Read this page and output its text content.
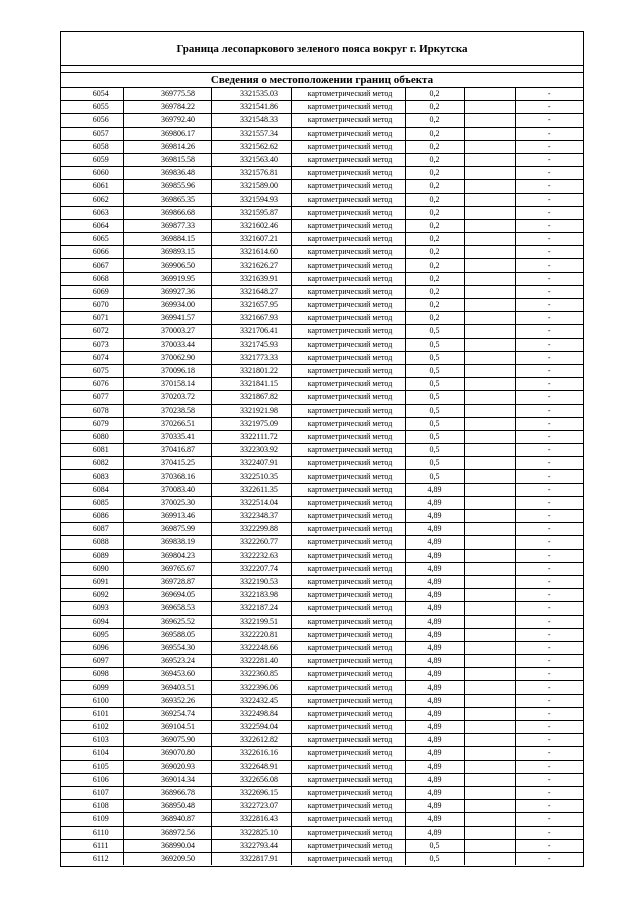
Граница лесопаркового зеленого пояса вокруг г. Иркутска
Сведения о местоположении границ объекта
6054	369775.58	3321535.03	картометрический метод	0,2		-
6055	369784.22	3321541.86	картометрический метод	0,2		-
6056	369792.40	3321548.33	картометрический метод	0,2		-
6057	369806.17	3321557.34	картометрический метод	0,2		-
6058	369814.26	3321562.62	картометрический метод	0,2		-
6059	369815.58	3321563.40	картометрический метод	0,2		-
6060	369836.48	3321576.81	картометрический метод	0,2		-
6061	369855.96	3321589.00	картометрический метод	0,2		-
6062	369865.35	3321594.93	картометрический метод	0,2		-
6063	369866.68	3321595.87	картометрический метод	0,2		-
6064	369877.33	3321602.46	картометрический метод	0,2		-
6065	369884.15	3321607.21	картометрический метод	0,2		-
6066	369893.15	3321614.60	картометрический метод	0,2		-
6067	369906.50	3321626.27	картометрический метод	0,2		-
6068	369919.95	3321639.91	картометрический метод	0,2		-
6069	369927.36	3321648.27	картометрический метод	0,2		-
6070	369934.00	3321657.95	картометрический метод	0,2		-
6071	369941.57	3321667.93	картометрический метод	0,2		-
6072	370003.27	3321706.41	картометрический метод	0,5		-
6073	370033.44	3321745.93	картометрический метод	0,5		-
6074	370062.90	3321773.33	картометрический метод	0,5		-
6075	370096.18	3321801.22	картометрический метод	0,5		-
6076	370158.14	3321841.15	картометрический метод	0,5		-
6077	370203.72	3321867.82	картометрический метод	0,5		-
6078	370238.58	3321921.98	картометрический метод	0,5		-
6079	370266.51	3321975.09	картометрический метод	0,5		-
6080	370335.41	3322111.72	картометрический метод	0,5		-
6081	370416.87	3322303.92	картометрический метод	0,5		-
6082	370415.25	3322407.91	картометрический метод	0,5		-
6083	370368.16	3322510.35	картометрический метод	0,5		-
6084	370083.40	3322611.35	картометрический метод	4,89		-
6085	370025.30	3322514.04	картометрический метод	4,89		-
6086	369913.46	3322348.37	картометрический метод	4,89		-
6087	369875.99	3322299.88	картометрический метод	4,89		-
6088	369838.19	3322260.77	картометрический метод	4,89		-
6089	369804.23	3322232.63	картометрический метод	4,89		-
6090	369765.67	3322207.74	картометрический метод	4,89		-
6091	369728.87	3322190.53	картометрический метод	4,89		-
6092	369694.05	3322183.98	картометрический метод	4,89		-
6093	369658.53	3322187.24	картометрический метод	4,89		-
6094	369625.52	3322199.51	картометрический метод	4,89		-
6095	369588.05	3322220.81	картометрический метод	4,89		-
6096	369554.30	3322248.66	картометрический метод	4,89		-
6097	369523.24	3322281.40	картометрический метод	4,89		-
6098	369453.60	3322360.85	картометрический метод	4,89		-
6099	369403.51	3322396.06	картометрический метод	4,89		-
6100	369352.26	3322432.45	картометрический метод	4,89		-
6101	369254.74	3322498.84	картометрический метод	4,89		-
6102	369104.51	3322594.04	картометрический метод	4,89		-
6103	369075.90	3322612.82	картометрический метод	4,89		-
6104	369070.80	3322616.16	картометрический метод	4,89		-
6105	369020.93	3322648.91	картометрический метод	4,89		-
6106	369014.34	3322656.08	картометрический метод	4,89		-
6107	368966.78	3322696.15	картометрический метод	4,89		-
6108	368950.48	3322723.07	картометрический метод	4,89		-
6109	368940.87	3322816.43	картометрический метод	4,89		-
6110	368972.56	3322825.10	картометрический метод	4,89		-
6111	368990.04	3322793.44	картометрический метод	0,5		-
6112	369209.50	3322817.91	картометрический метод	0,5		-
